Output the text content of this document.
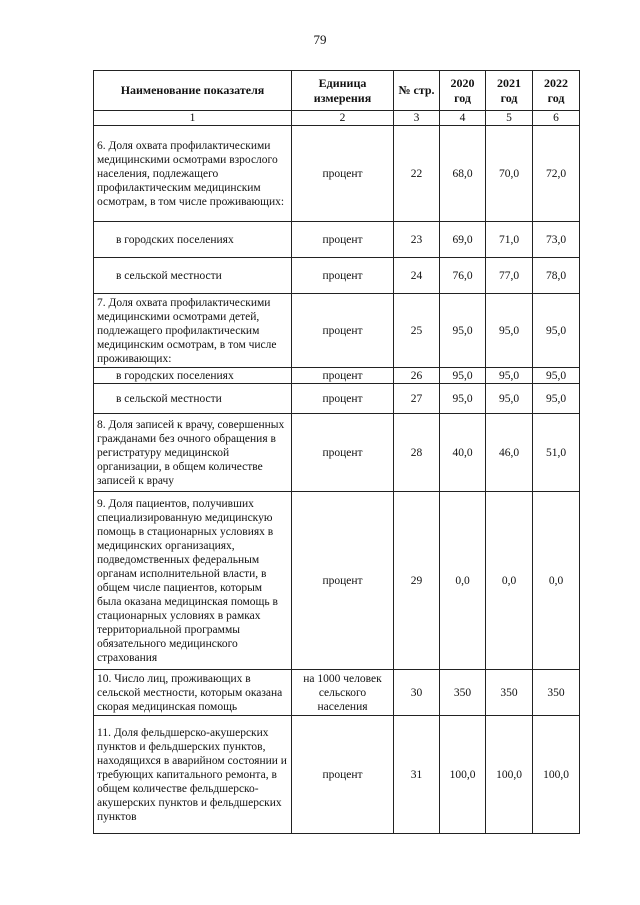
79
Наименование показателя	Единица измерения	№ стр.	2020 год	2021 год	2022 год
1	2	3	4	5	6
6. Доля охвата профилактическими медицинскими осмотрами взрослого населения, подлежащего профилактическим медицинским осмотрам, в том числе проживающих:	процент	22	68,0	70,0	72,0
в городских поселениях	процент	23	69,0	71,0	73,0
в сельской местности	процент	24	76,0	77,0	78,0
7. Доля охвата профилактическими медицинскими осмотрами детей, подлежащего профилактическим медицинским осмотрам, в том числе проживающих:	процент	25	95,0	95,0	95,0
в городских поселениях	процент	26	95,0	95,0	95,0
в сельской местности	процент	27	95,0	95,0	95,0
8. Доля записей к врачу, совершенных гражданами без очного обращения в регистратуру медицинской организации, в общем количестве записей к врачу	процент	28	40,0	46,0	51,0
9. Доля пациентов, получивших специализированную медицинскую помощь в стационарных условиях в медицинских организациях, подведомственных федеральным органам исполнительной власти, в общем числе пациентов, которым была оказана медицинская помощь в стационарных условиях в рамках территориальной программы обязательного медицинского страхования	процент	29	0,0	0,0	0,0
10. Число лиц, проживающих в сельской местности, которым оказана скорая медицинская помощь	на 1000 человек сельского населения	30	350	350	350
11. Доля фельдшерско-акушерских пунктов и фельдшерских пунктов, находящихся в аварийном состоянии и требующих капитального ремонта, в общем количестве фельдшерско-акушерских пунктов и фельдшерских пунктов	процент	31	100,0	100,0	100,0
